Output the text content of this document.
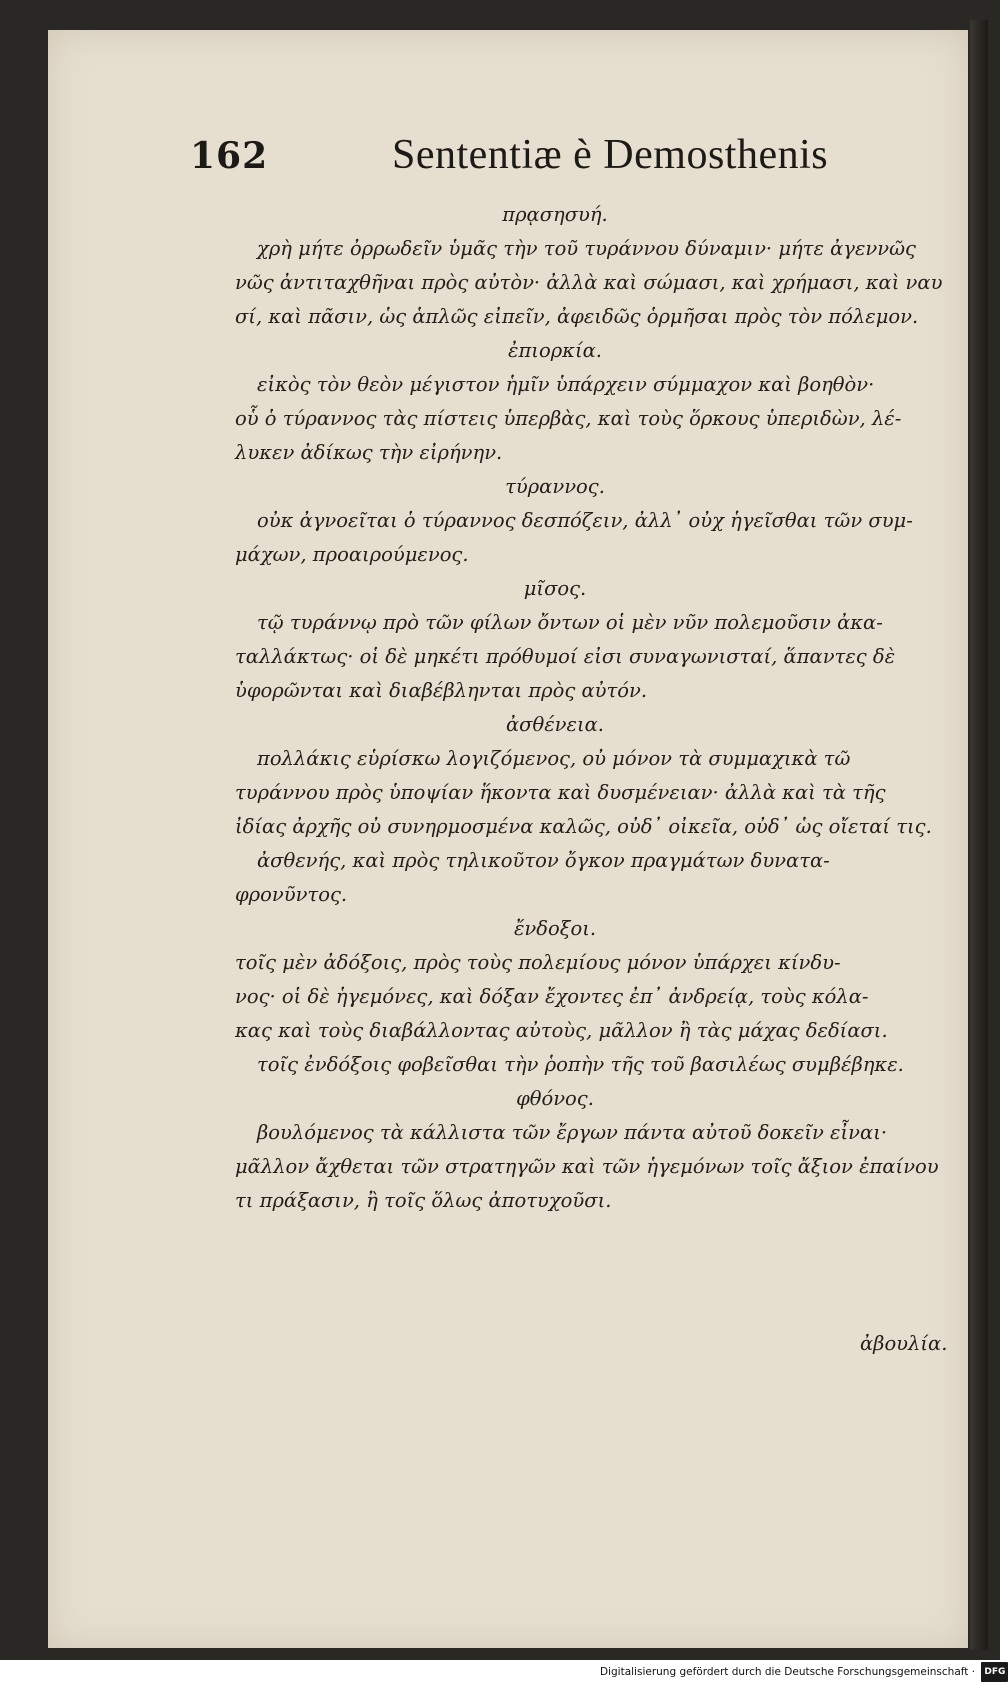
162	Sententiæ è Demosthenis
πρᾳσησυή.
χρὴ μήτε ὀρρωδεῖν ὑμᾶς τὴν τοῦ τυράννου δύναμιν· μήτε ἀγεννῶς
νῶς ἀντιταχθῆναι πρὸς αὐτὸν· ἀλλὰ καὶ σώμασι, καὶ χρήμασι, καὶ ναυ
σί, καὶ πᾶσιν, ὡς ἁπλῶς εἰπεῖν, ἀφειδῶς ὁρμῆσαι πρὸς τὸν πόλεμον.
ἐπιορκία.
εἰκὸς τὸν θεὸν μέγιστον ἡμῖν ὑπάρχειν σύμμαχον καὶ βοηθὸν·
οὗ ὁ τύραννος τὰς πίστεις ὑπερβὰς, καὶ τοὺς ὅρκους ὑπεριδὼν, λέ-
λυκεν ἀδίκως τὴν εἰρήνην.
τύραννος.
οὐκ ἀγνοεῖται ὁ τύραννος δεσπόζειν, ἀλλ᾽ οὐχ ἡγεῖσθαι τῶν συμ-
μάχων, προαιρούμενος.
μῖσος.
τῷ τυράννῳ πρὸ τῶν φίλων ὄντων οἱ μὲν νῦν πολεμοῦσιν ἀκα-
ταλλάκτως· οἱ δὲ μηκέτι πρόθυμοί εἰσι συναγωνισταί, ἅπαντες δὲ
ὑφορῶνται καὶ διαβέβληνται πρὸς αὐτόν.
ἀσθένεια.
πολλάκις εὑρίσκω λογιζόμενος, οὐ μόνον τὰ συμμαχικὰ τῶ
τυράννου πρὸς ὑποψίαν ἥκοντα καὶ δυσμένειαν· ἀλλὰ καὶ τὰ τῆς
ἰδίας ἀρχῆς οὐ συνηρμοσμένα καλῶς, οὐδ᾽ οἰκεῖα, οὐδ᾽ ὡς οἴεταί τις.
ἀσθενής, καὶ πρὸς τηλικοῦτον ὄγκον πραγμάτων δυνατα-
φρονῦντος.
ἔνδοξοι.
τοῖς μὲν ἀδόξοις, πρὸς τοὺς πολεμίους μόνον ὑπάρχει κίνδυ-
νος· οἱ δὲ ἡγεμόνες, καὶ δόξαν ἔχοντες ἐπ᾽ ἀνδρείᾳ, τοὺς κόλα-
κας καὶ τοὺς διαβάλλοντας αὐτοὺς, μᾶλλον ἢ τὰς μάχας δεδίασι.
τοῖς ἐνδόξοις φοβεῖσθαι τὴν ῥοπὴν τῆς τοῦ βασιλέως συμβέβηκε.
φθόνος.
βουλόμενος τὰ κάλλιστα τῶν ἔργων πάντα αὐτοῦ δοκεῖν εἶναι·
μᾶλλον ἄχθεται τῶν στρατηγῶν καὶ τῶν ἡγεμόνων τοῖς ἄξιον ἐπαίνου
τι πράξασιν, ἢ τοῖς ὅλως ἀποτυχοῦσι.
ἀβουλία.
Digitalisierung gefördert durch die Deutsche Forschungsgemeinschaft · DFG
